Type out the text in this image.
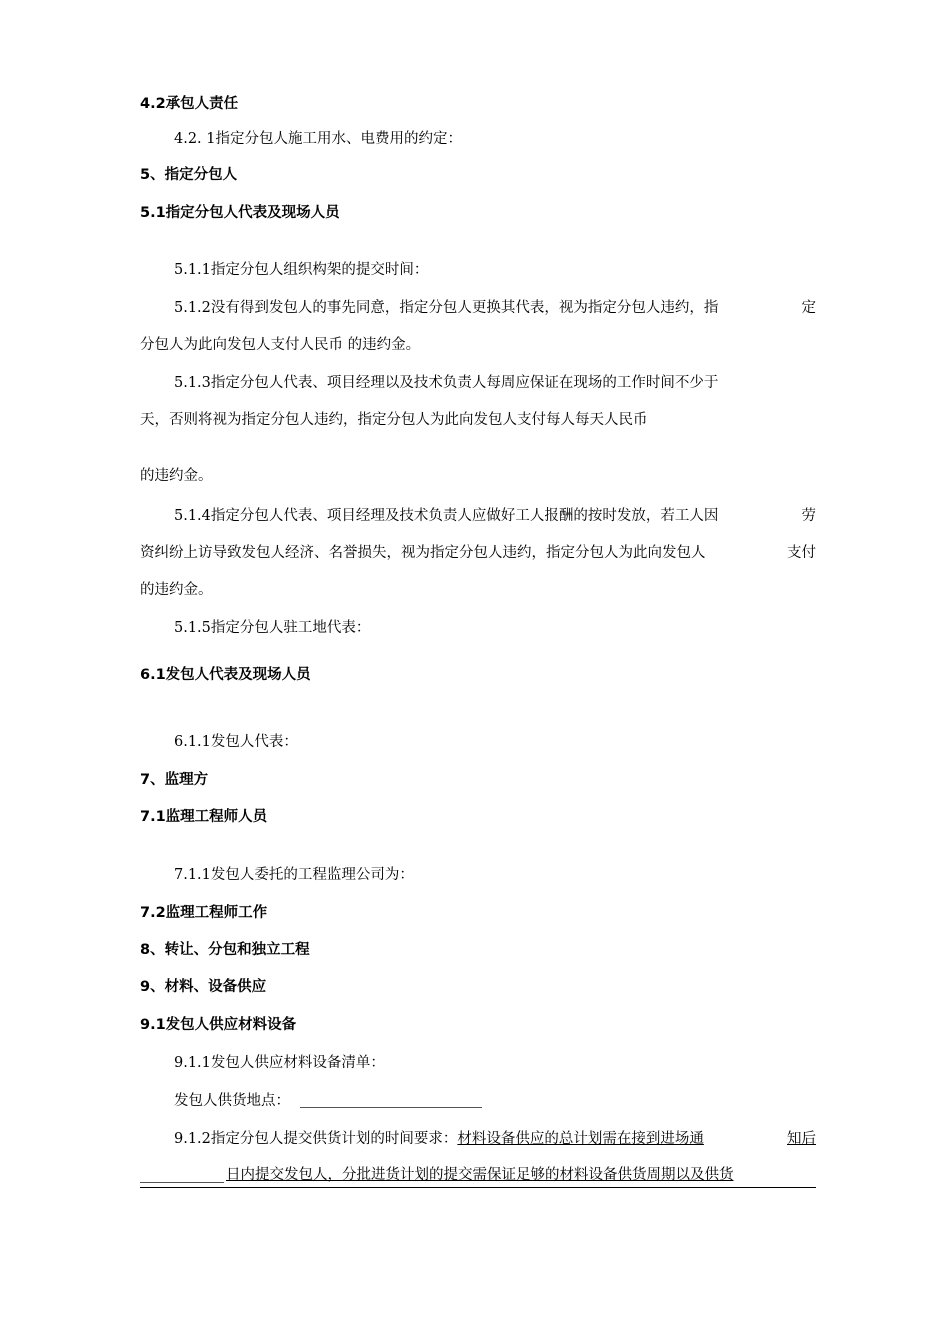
4.2承包人责任
4.2. 1指定分包人施工用水、电费用的约定：
5、指定分包人
5.1指定分包人代表及现场人员
5.1.1指定分包人组织构架的提交时间：
5.1.2没有得到发包人的事先同意，指定分包人更换其代表，视为指定分包人违约，指	定
分包人为此向发包人支付人民币 的违约金。
5.1.3指定分包人代表、项目经理以及技术负责人每周应保证在现场的工作时间不少于
天，否则将视为指定分包人违约，指定分包人为此向发包人支付每人每天人民币
的违约金。
5.1.4指定分包人代表、项目经理及技术负责人应做好工人报酬的按时发放，若工人因	劳
资纠纷上访导致发包人经济、名誉损失，视为指定分包人违约，指定分包人为此向发包人	支付
的违约金。
5.1.5指定分包人驻工地代表：
6.1发包人代表及现场人员
6.1.1发包人代表：
7、监理方
7.1监理工程师人员
7.1.1发包人委托的工程监理公司为：
7.2监理工程师工作
8、转让、分包和独立工程
9、材料、设备供应
9.1发包人供应材料设备
9.1.1发包人供应材料设备清单：
发包人供货地点：
9.1.2指定分包人提交供货计划的时间要求：材料设备供应的总计划需在接到进场通	知后
日内提交发包人，分批进货计划的提交需保证足够的材料设备供货周期以及供货
